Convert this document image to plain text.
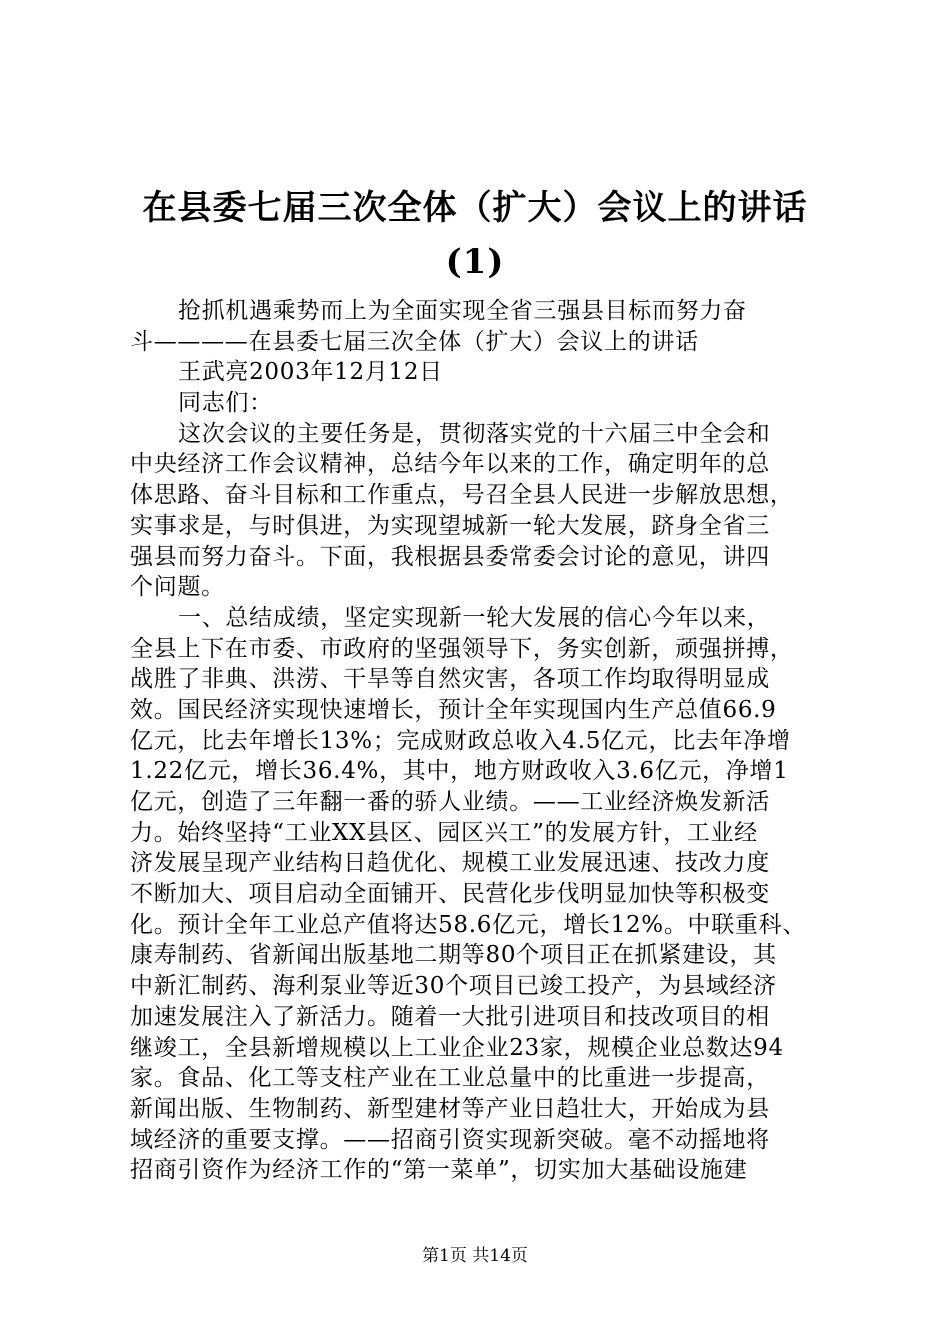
在县委七届三次全体（扩大）会议上的讲话
(1)
抢抓机遇乘势而上为全面实现全省三强县目标而努力奋
斗————在县委七届三次全体（扩大）会议上的讲话
王武亮2003年12月12日
同志们：
这次会议的主要任务是，贯彻落实党的十六届三中全会和
中央经济工作会议精神，总结今年以来的工作，确定明年的总
体思路、奋斗目标和工作重点，号召全县人民进一步解放思想，
实事求是，与时俱进，为实现望城新一轮大发展，跻身全省三
强县而努力奋斗。下面，我根据县委常委会讨论的意见，讲四
个问题。
一、总结成绩，坚定实现新一轮大发展的信心今年以来，
全县上下在市委、市政府的坚强领导下，务实创新，顽强拼搏，
战胜了非典、洪涝、干旱等自然灾害，各项工作均取得明显成
效。国民经济实现快速增长，预计全年实现国内生产总值66.9
亿元，比去年增长13%；完成财政总收入4.5亿元，比去年净增
1.22亿元，增长36.4%，其中，地方财政收入3.6亿元，净增1
亿元，创造了三年翻一番的骄人业绩。——工业经济焕发新活
力。始终坚持“工业XX县区、园区兴工”的发展方针，工业经
济发展呈现产业结构日趋优化、规模工业发展迅速、技改力度
不断加大、项目启动全面铺开、民营化步伐明显加快等积极变
化。预计全年工业总产值将达58.6亿元，增长12%。中联重科、
康寿制药、省新闻出版基地二期等80个项目正在抓紧建设，其
中新汇制药、海利泵业等近30个项目已竣工投产，为县域经济
加速发展注入了新活力。随着一大批引进项目和技改项目的相
继竣工，全县新增规模以上工业企业23家，规模企业总数达94
家。食品、化工等支柱产业在工业总量中的比重进一步提高，
新闻出版、生物制药、新型建材等产业日趋壮大，开始成为县
域经济的重要支撑。——招商引资实现新突破。毫不动摇地将
招商引资作为经济工作的“第一菜单”，切实加大基础设施建
第1页 共14页
